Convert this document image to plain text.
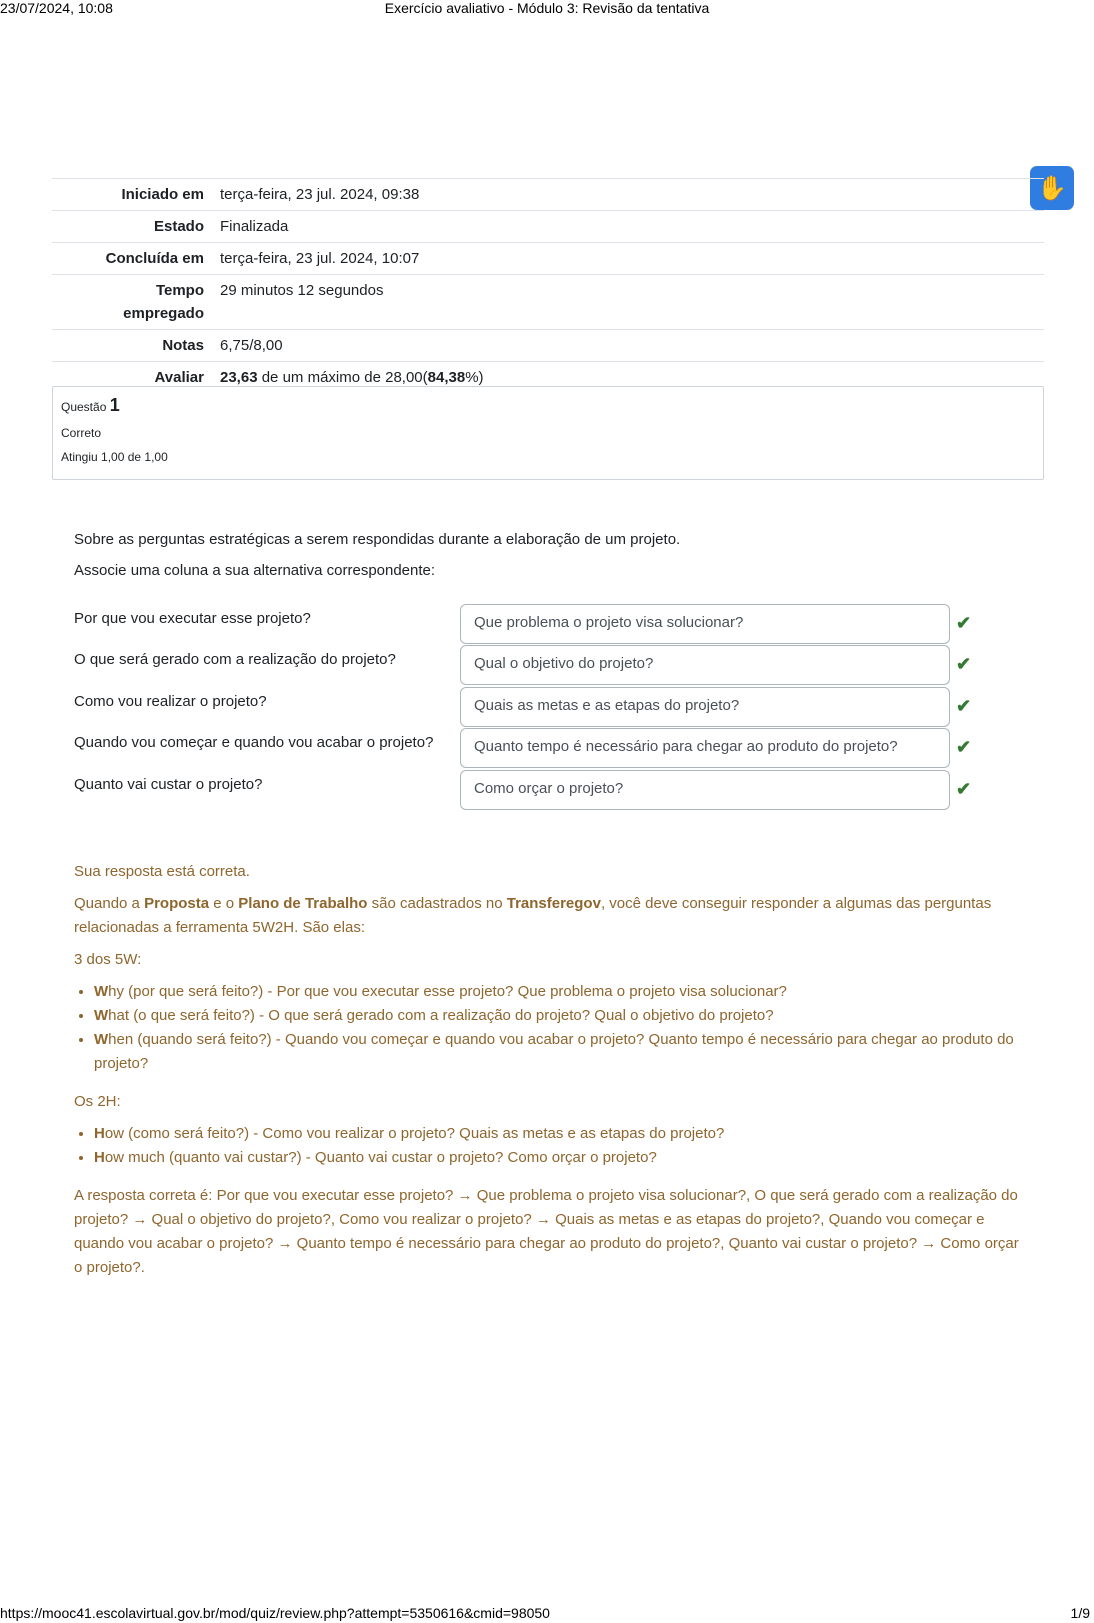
23/07/2024, 10:08	Exercício avaliativo - Módulo 3: Revisão da tentativa
✋
Iniciado em	terça-feira, 23 jul. 2024, 09:38
Estado	Finalizada
Concluída em	terça-feira, 23 jul. 2024, 10:07
Tempo empregado	29 minutos 12 segundos
Notas	6,75/8,00
Avaliar	23,63 de um máximo de 28,00(84,38%)
Questão 1
Correto
Atingiu 1,00 de 1,00
Sobre as perguntas estratégicas a serem respondidas durante a elaboração de um projeto.
Associe uma coluna a sua alternativa correspondente:
Por que vou executar esse projeto?	Que problema o projeto visa solucionar?	✔
O que será gerado com a realização do projeto?	Qual o objetivo do projeto?	✔
Como vou realizar o projeto?	Quais as metas e as etapas do projeto?	✔
Quando vou começar e quando vou acabar o projeto?	Quanto tempo é necessário para chegar ao produto do projeto?	✔
Quanto vai custar o projeto?	Como orçar o projeto?	✔

Sua resposta está correta.

Quando a Proposta e o Plano de Trabalho são cadastrados no Transferegov, você deve conseguir responder a algumas das perguntas relacionadas a ferramenta 5W2H. São elas:

3 dos 5W:

• Why (por que será feito?) - Por que vou executar esse projeto? Que problema o projeto visa solucionar?
• What (o que será feito?) - O que será gerado com a realização do projeto? Qual o objetivo do projeto?
• When (quando será feito?) - Quando vou começar e quando vou acabar o projeto? Quanto tempo é necessário para chegar ao produto do projeto?

Os 2H:

• How (como será feito?) - Como vou realizar o projeto? Quais as metas e as etapas do projeto?
• How much (quanto vai custar?) - Quanto vai custar o projeto? Como orçar o projeto?

A resposta correta é: Por que vou executar esse projeto? → Que problema o projeto visa solucionar?, O que será gerado com a realização do projeto? → Qual o objetivo do projeto?, Como vou realizar o projeto? → Quais as metas e as etapas do projeto?, Quando vou começar e quando vou acabar o projeto? → Quanto tempo é necessário para chegar ao produto do projeto?, Quanto vai custar o projeto? → Como orçar o projeto?.

https://mooc41.escolavirtual.gov.br/mod/quiz/review.php?attempt=5350616&cmid=98050	1/9
